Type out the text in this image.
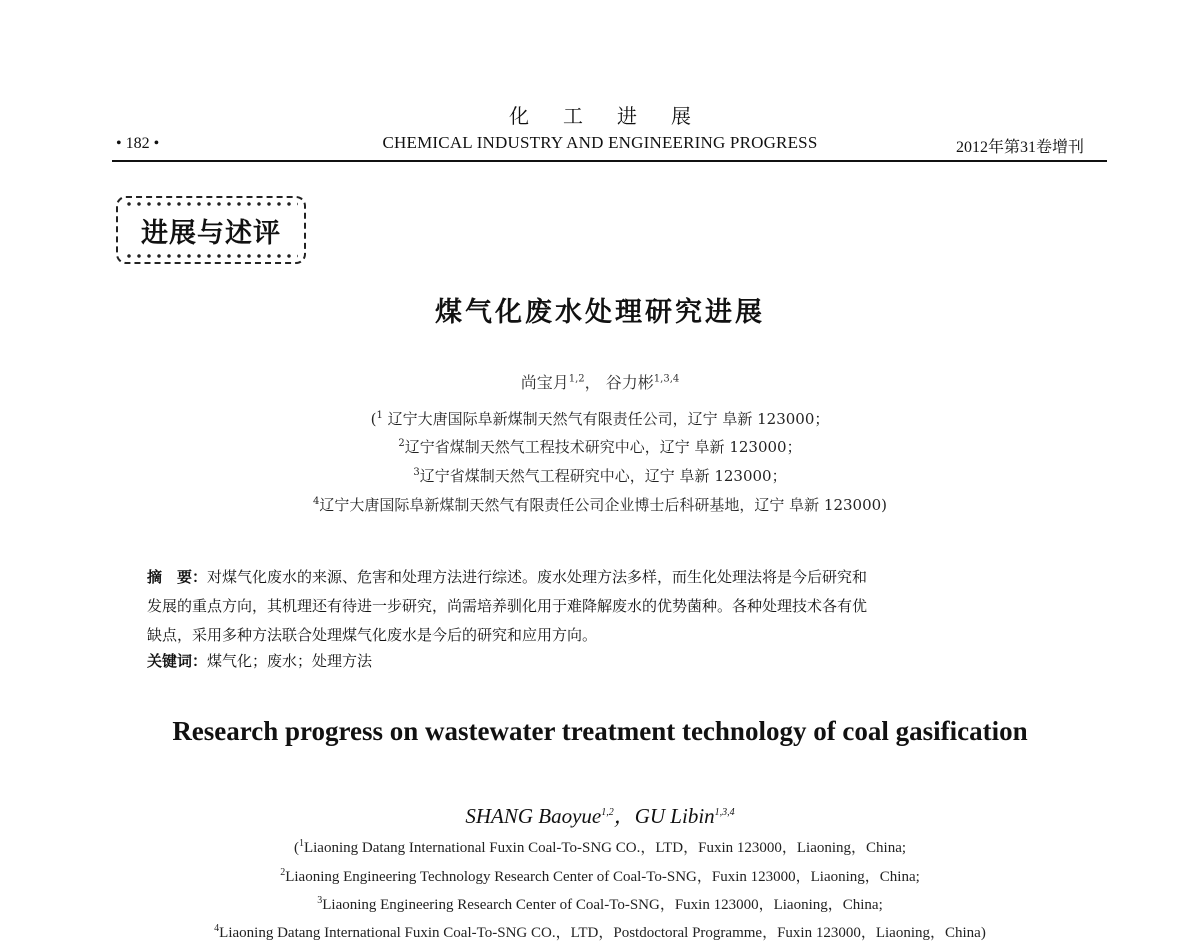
化工进展
• 182 •	CHEMICAL INDUSTRY AND ENGINEERING PROGRESS	2012年第31卷增刊
进展与述评
煤气化废水处理研究进展
尚宝月$^{1,2}$， 谷力彬$^{1,3,4}$
($^1$ 辽宁大唐国际阜新煤制天然气有限责任公司，辽宁 阜新 123000；
$^2$辽宁省煤制天然气工程技术研究中心，辽宁 阜新 123000；
$^3$辽宁省煤制天然气工程研究中心，辽宁 阜新 123000；
$^4$辽宁大唐国际阜新煤制天然气有限责任公司企业博士后科研基地，辽宁 阜新 123000)

摘　要：对煤气化废水的来源、危害和处理方法进行综述。废水处理方法多样，而生化处理法将是今后研究和

发展的重点方向，其机理还有待进一步研究，尚需培养驯化用于难降解废水的优势菌种。各种处理技术各有优

缺点，采用多种方法联合处理煤气化废水是今后的研究和应用方向。

关键词：煤气化；废水；处理方法
Research progress on wastewater treatment technology of coal gasification
SHANG Baoyue$^{1,2}$，GU Libin$^{1,3,4}$
($^1$Liaoning Datang International Fuxin Coal-To-SNG CO.，LTD，Fuxin 123000，Liaoning，China;
$^2$Liaoning Engineering Technology Research Center of Coal-To-SNG，Fuxin 123000，Liaoning，China;
$^3$Liaoning Engineering Research Center of Coal-To-SNG，Fuxin 123000，Liaoning，China;
$^4$Liaoning Datang International Fuxin Coal-To-SNG CO.，LTD，Postdoctoral Programme，Fuxin 123000，Liaoning，China)
